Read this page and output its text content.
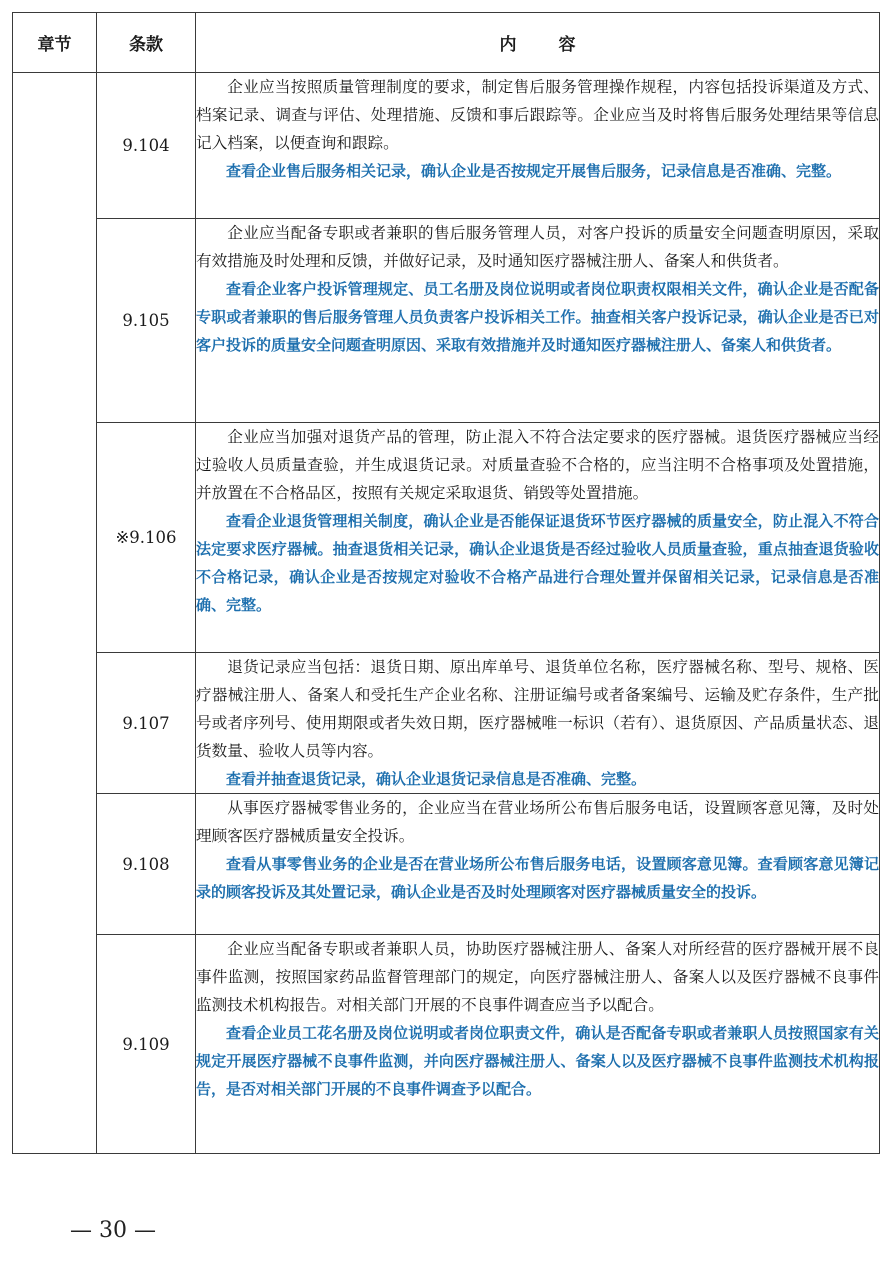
章节	条款	内容
	9.104	企业应当按照质量管理制度的要求，制定售后服务管理操作规程，内容包括投诉渠道及方式、档案记录、调查与评估、处理措施、反馈和事后跟踪等。企业应当及时将售后服务处理结果等信息记入档案，以便查询和跟踪。

查看企业售后服务相关记录，确认企业是否按规定开展售后服务，记录信息是否准确、完整。

	9.105	企业应当配备专职或者兼职的售后服务管理人员，对客户投诉的质量安全问题查明原因，采取有效措施及时处理和反馈，并做好记录，及时通知医疗器械注册人、备案人和供货者。

查看企业客户投诉管理规定、员工名册及岗位说明或者岗位职责权限相关文件，确认企业是否配备专职或者兼职的售后服务管理人员负责客户投诉相关工作。抽查相关客户投诉记录，确认企业是否已对客户投诉的质量安全问题查明原因、采取有效措施并及时通知医疗器械注册人、备案人和供货者。

	※9.106	企业应当加强对退货产品的管理，防止混入不符合法定要求的医疗器械。退货医疗器械应当经过验收人员质量查验，并生成退货记录。对质量查验不合格的，应当注明不合格事项及处置措施，并放置在不合格品区，按照有关规定采取退货、销毁等处置措施。

查看企业退货管理相关制度，确认企业是否能保证退货环节医疗器械的质量安全，防止混入不符合法定要求医疗器械。抽查退货相关记录，确认企业退货是否经过验收人员质量查验，重点抽查退货验收不合格记录，确认企业是否按规定对验收不合格产品进行合理处置并保留相关记录，记录信息是否准确、完整。

	9.107	退货记录应当包括：退货日期、原出库单号、退货单位名称，医疗器械名称、型号、规格、医疗器械注册人、备案人和受托生产企业名称、注册证编号或者备案编号、运输及贮存条件，生产批号或者序列号、使用期限或者失效日期，医疗器械唯一标识（若有）、退货原因、产品质量状态、退货数量、验收人员等内容。

查看并抽查退货记录，确认企业退货记录信息是否准确、完整。

	9.108	从事医疗器械零售业务的，企业应当在营业场所公布售后服务电话，设置顾客意见簿，及时处理顾客医疗器械质量安全投诉。

查看从事零售业务的企业是否在营业场所公布售后服务电话，设置顾客意见簿。查看顾客意见簿记录的顾客投诉及其处置记录，确认企业是否及时处理顾客对医疗器械质量安全的投诉。

	9.109	企业应当配备专职或者兼职人员，协助医疗器械注册人、备案人对所经营的医疗器械开展不良事件监测，按照国家药品监督管理部门的规定，向医疗器械注册人、备案人以及医疗器械不良事件监测技术机构报告。对相关部门开展的不良事件调查应当予以配合。

查看企业员工花名册及岗位说明或者岗位职责文件，确认是否配备专职或者兼职人员按照国家有关规定开展医疗器械不良事件监测，并向医疗器械注册人、备案人以及医疗器械不良事件监测技术机构报告，是否对相关部门开展的不良事件调查予以配合。

— 30 —
